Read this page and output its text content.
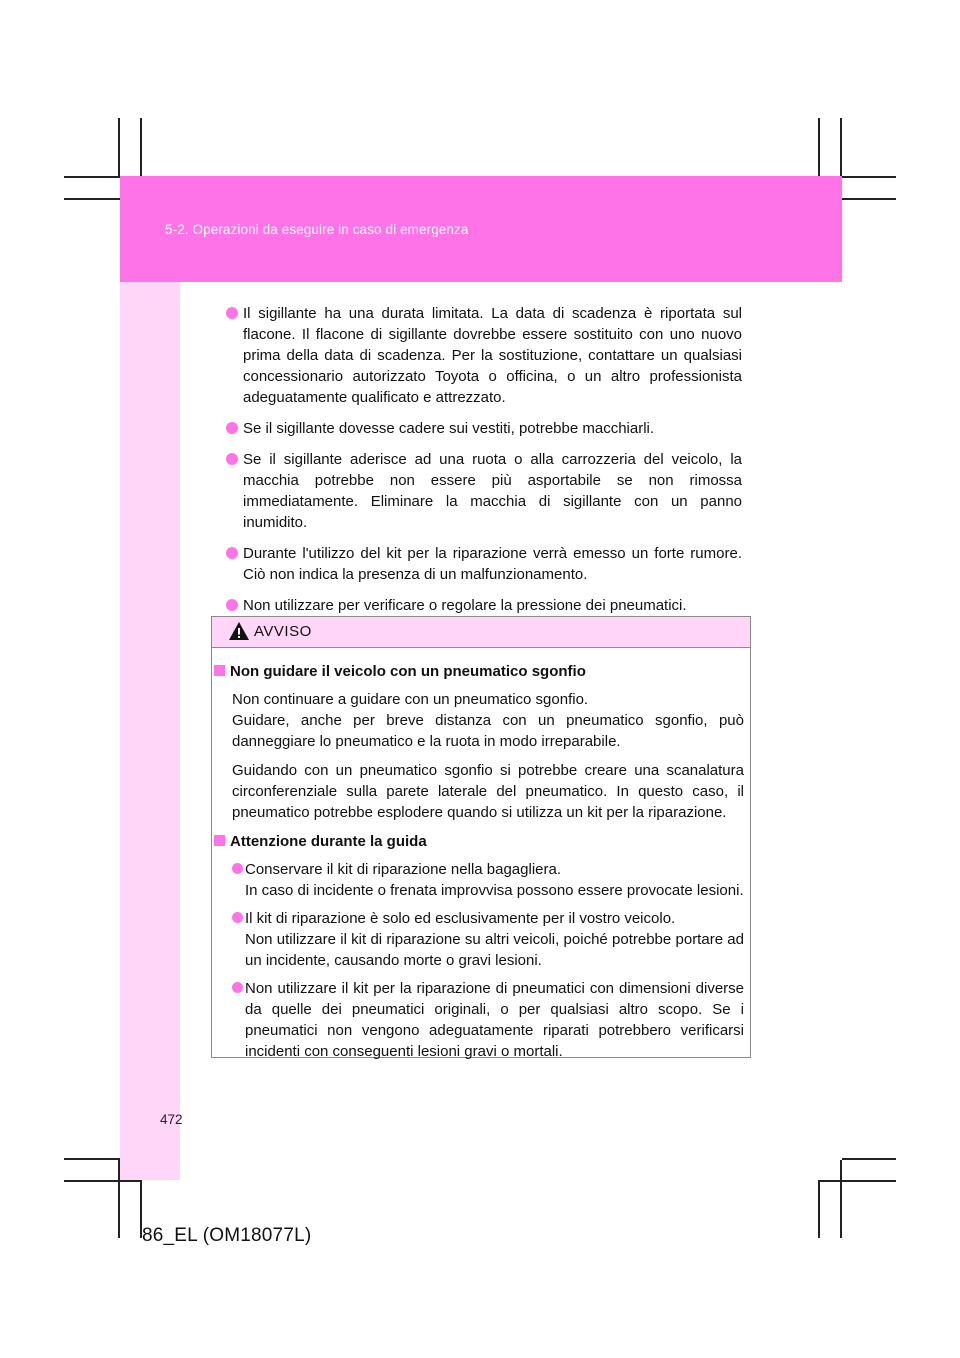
5-2. Operazioni da eseguire in caso di emergenza
Il sigillante ha una durata limitata. La data di scadenza è riportata sul flacone. Il flacone di sigillante dovrebbe essere sostituito con uno nuovo prima della data di scadenza. Per la sostituzione, contattare un qualsiasi concessionario autorizzato Toyota o officina, o un altro professionista adeguatamente qualificato e attrezzato.
Se il sigillante dovesse cadere sui vestiti, potrebbe macchiarli.
Se il sigillante aderisce ad una ruota o alla carrozzeria del veicolo, la macchia potrebbe non essere più asportabile se non rimossa immediatamente. Eliminare la macchia di sigillante con un panno inumidito.
Durante l'utilizzo del kit per la riparazione verrà emesso un forte rumore. Ciò non indica la presenza di un malfunzionamento.
Non utilizzare per verificare o regolare la pressione dei pneumatici.
AVVISO
Non guidare il veicolo con un pneumatico sgonfio

Non continuare a guidare con un pneumatico sgonfio.
Guidare, anche per breve distanza con un pneumatico sgonfio, può danneggiare lo pneumatico e la ruota in modo irreparabile.

Guidando con un pneumatico sgonfio si potrebbe creare una scanalatura circonferenziale sulla parete laterale del pneumatico. In questo caso, il pneumatico potrebbe esplodere quando si utilizza un kit per la riparazione.

Attenzione durante la guida
Conservare il kit di riparazione nella bagagliera.
In caso di incidente o frenata improvvisa possono essere provocate lesioni.
Il kit di riparazione è solo ed esclusivamente per il vostro veicolo.
Non utilizzare il kit di riparazione su altri veicoli, poiché potrebbe portare ad un incidente, causando morte o gravi lesioni.
Non utilizzare il kit per la riparazione di pneumatici con dimensioni diverse da quelle dei pneumatici originali, o per qualsiasi altro scopo. Se i pneumatici non vengono adeguatamente riparati potrebbero verificarsi incidenti con conseguenti lesioni gravi o mortali.
472
86_EL (OM18077L)
